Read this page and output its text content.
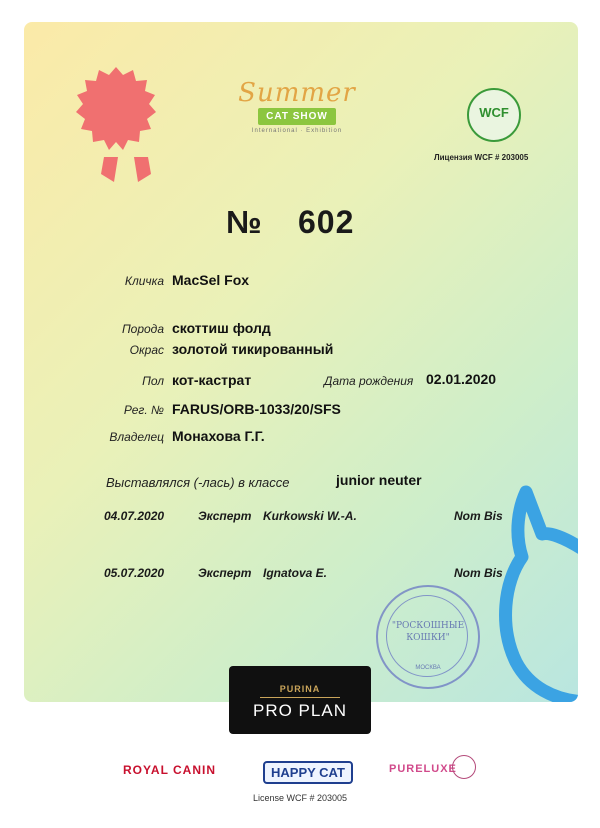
Summer
CAT SHOW
International · Exhibition
WCF
Лицензия WCF # 203005
№ 602
Кличка MacSel Fox
Порода скоттиш фолд
Окрас золотой тикированный
Пол кот-кастрат	Дата рождения 02.01.2020
Рег. № FARUS/ORB-1033/20/SFS
Владелец Монахова Г.Г.
Выставлялся (-лась) в классе	junior neuter
04.07.2020	Эксперт Kurkowski W.-A.	Nom Bis
05.07.2020	Эксперт Ignatova E.	Nom Bis
"РОСКОШНЫЕ
КОШКИ"
МОСКВА
PURINA
PRO PLAN
ROYAL CANIN	HAPPY CAT	PURELUXE
License WCF # 203005
